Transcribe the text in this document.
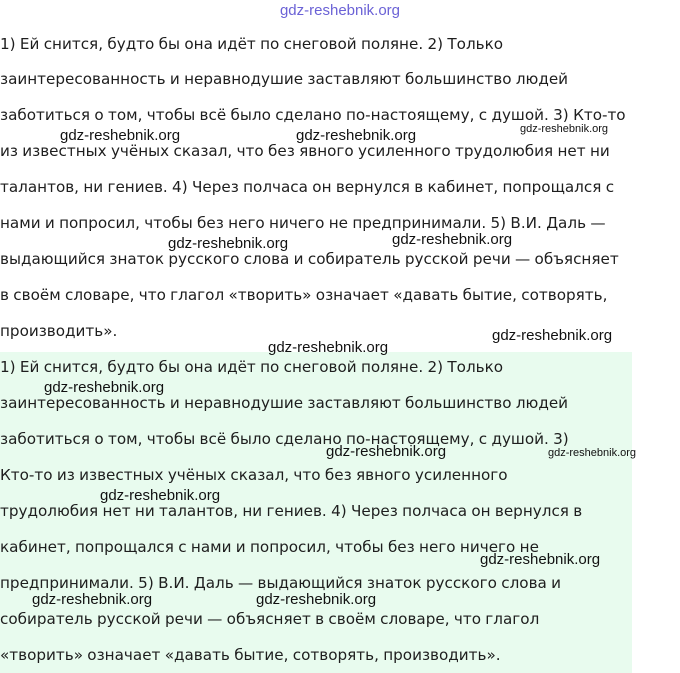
gdz-reshebnik.org

1) Ей снится, будто бы она идёт по снеговой поляне. 2) Только

заинтересованность и неравнодушие заставляют большинство людей

заботиться о том, чтобы всё было сделано по-настоящему, с душой. 3) Кто-то

из известных учёных сказал, что без явного усиленного трудолюбия нет ни

талантов, ни гениев. 4) Через полчаса он вернулся в кабинет, попрощался с

нами и попросил, чтобы без него ничего не предпринимали. 5) В.И. Даль —

выдающийся знаток русского слова и собиратель русской речи — объясняет

в своём словаре, что глагол «творить» означает «давать бытие, сотворять,

производить».

1) Ей снится, будто бы она идёт по снеговой поляне. 2) Только

заинтересованность и неравнодушие заставляют большинство людей

заботиться о том, чтобы всё было сделано по-настоящему, с душой. 3)

Кто-то из известных учёных сказал, что без явного усиленного

трудолюбия нет ни талантов, ни гениев. 4) Через полчаса он вернулся в

кабинет, попрощался с нами и попросил, чтобы без него ничего не

предпринимали. 5) В.И. Даль — выдающийся знаток русского слова и

собиратель русской речи — объясняет в своём словаре, что глагол

«творить» означает «давать бытие, сотворять, производить».

gdz-reshebnik.org	gdz-reshebnik.org	gdz-reshebnik.org
gdz-reshebnik.org	gdz-reshebnik.org
gdz-reshebnik.org
gdz-reshebnik.org
gdz-reshebnik.org
gdz-reshebnik.org	gdz-reshebnik.org
gdz-reshebnik.org
gdz-reshebnik.org
gdz-reshebnik.org	gdz-reshebnik.org
